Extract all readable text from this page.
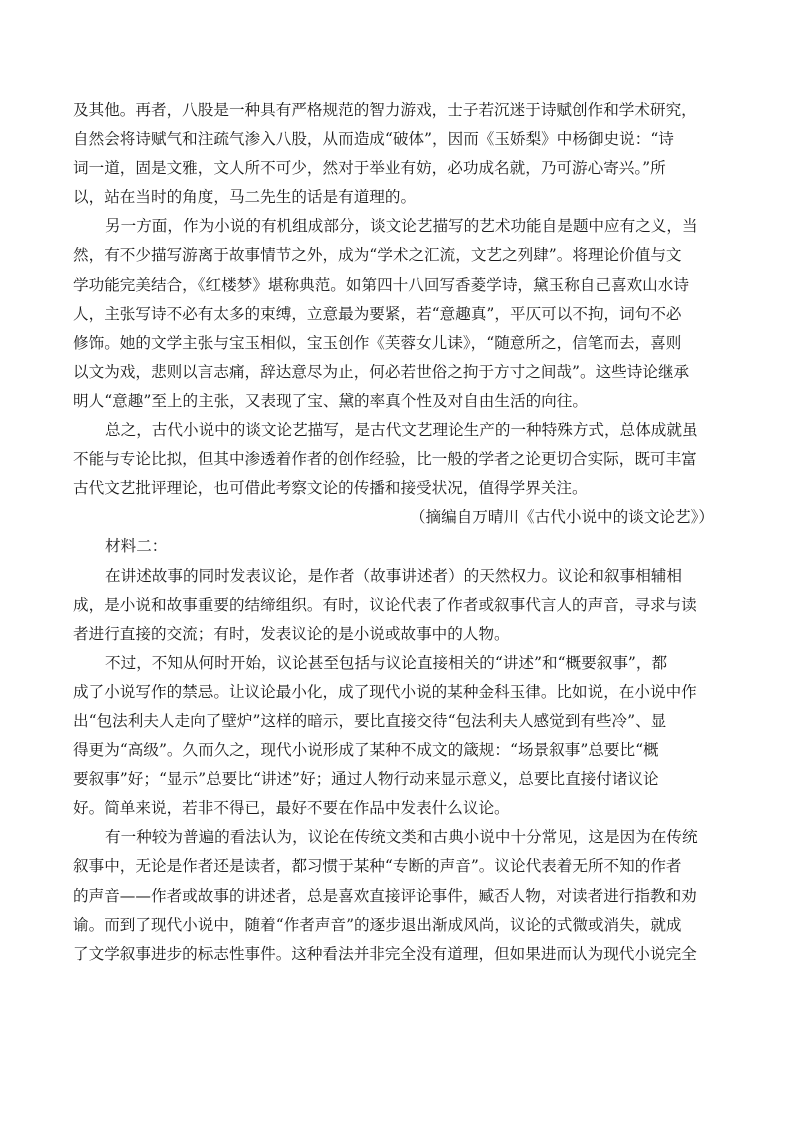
及其他。再者，八股是一种具有严格规范的智力游戏，士子若沉迷于诗赋创作和学术研究，
自然会将诗赋气和注疏气渗入八股，从而造成“破体”，因而《玉娇梨》中杨御史说：“诗
词一道，固是文雅，文人所不可少，然对于举业有妨，必功成名就，乃可游心寄兴。”所
以，站在当时的角度，马二先生的话是有道理的。
另一方面，作为小说的有机组成部分，谈文论艺描写的艺术功能自是题中应有之义，当
然，有不少描写游离于故事情节之外，成为“学术之汇流，文艺之列肆”。将理论价值与文
学功能完美结合，《红楼梦》堪称典范。如第四十八回写香菱学诗，黛玉称自己喜欢山水诗
人，主张写诗不必有太多的束缚，立意最为要紧，若“意趣真”，平仄可以不拘，词句不必
修饰。她的文学主张与宝玉相似，宝玉创作《芙蓉女儿诔》，“随意所之，信笔而去，喜则
以文为戏，悲则以言志痛，辞达意尽为止，何必若世俗之拘于方寸之间哉”。这些诗论继承
明人“意趣”至上的主张，又表现了宝、黛的率真个性及对自由生活的向往。
总之，古代小说中的谈文论艺描写，是古代文艺理论生产的一种特殊方式，总体成就虽
不能与专论比拟，但其中渗透着作者的创作经验，比一般的学者之论更切合实际，既可丰富
古代文艺批评理论，也可借此考察文论的传播和接受状况，值得学界关注。
（摘编自万晴川《古代小说中的谈文论艺》）
材料二：
在讲述故事的同时发表议论，是作者（故事讲述者）的天然权力。议论和叙事相辅相
成，是小说和故事重要的结缔组织。有时，议论代表了作者或叙事代言人的声音，寻求与读
者进行直接的交流；有时，发表议论的是小说或故事中的人物。
不过，不知从何时开始，议论甚至包括与议论直接相关的“讲述”和“概要叙事”，都
成了小说写作的禁忌。让议论最小化，成了现代小说的某种金科玉律。比如说，在小说中作
出“包法利夫人走向了壁炉”这样的暗示，要比直接交待“包法利夫人感觉到有些冷”、显
得更为“高级”。久而久之，现代小说形成了某种不成文的箴规：“场景叙事”总要比“概
要叙事”好；“显示”总要比“讲述”好；通过人物行动来显示意义，总要比直接付诸议论
好。简单来说，若非不得已，最好不要在作品中发表什么议论。
有一种较为普遍的看法认为，议论在传统文类和古典小说中十分常见，这是因为在传统
叙事中，无论是作者还是读者，都习惯于某种“专断的声音”。议论代表着无所不知的作者
的声音——作者或故事的讲述者，总是喜欢直接评论事件，臧否人物，对读者进行指教和劝
谕。而到了现代小说中，随着“作者声音”的逐步退出渐成风尚，议论的式微或消失，就成
了文学叙事进步的标志性事件。这种看法并非完全没有道理，但如果进而认为现代小说完全
